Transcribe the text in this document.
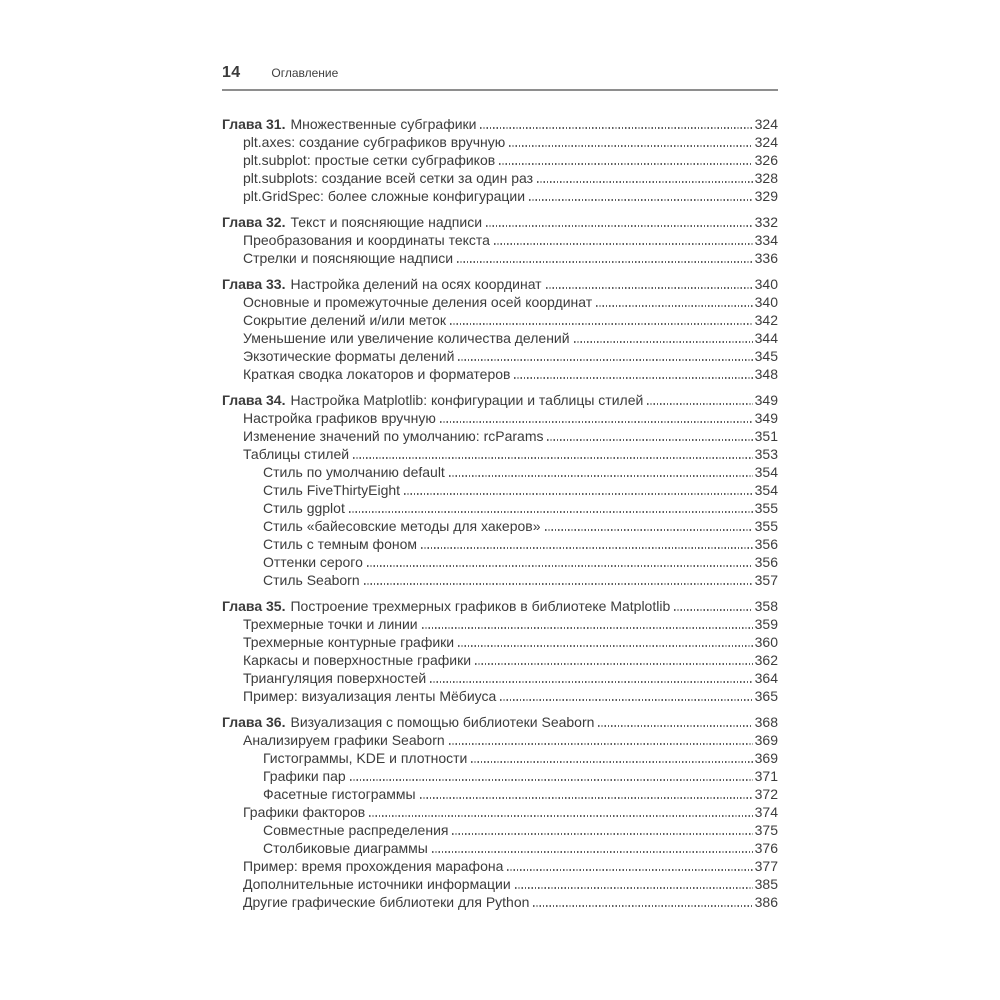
14	Оглавление
Глава 31. Множественные субграфики	324
plt.axes: создание субграфиков вручную	324
plt.subplot: простые сетки субграфиков	326
plt.subplots: создание всей сетки за один раз	328
plt.GridSpec: более сложные конфигурации	329
Глава 32. Текст и поясняющие надписи	332
Преобразования и координаты текста	334
Стрелки и поясняющие надписи	336
Глава 33. Настройка делений на осях координат	340
Основные и промежуточные деления осей координат	340
Сокрытие делений и/или меток	342
Уменьшение или увеличение количества делений	344
Экзотические форматы делений	345
Краткая сводка локаторов и форматеров	348
Глава 34. Настройка Matplotlib: конфигурации и таблицы стилей	349
Настройка графиков вручную	349
Изменение значений по умолчанию: rcParams	351
Таблицы стилей	353
Стиль по умолчанию default	354
Стиль FiveThirtyEight	354
Стиль ggplot	355
Стиль «байесовские методы для хакеров»	355
Стиль с темным фоном	356
Оттенки серого	356
Стиль Seaborn	357
Глава 35. Построение трехмерных графиков в библиотеке Matplotlib	358
Трехмерные точки и линии	359
Трехмерные контурные графики	360
Каркасы и поверхностные графики	362
Триангуляция поверхностей	364
Пример: визуализация ленты Мёбиуса	365
Глава 36. Визуализация с помощью библиотеки Seaborn	368
Анализируем графики Seaborn	369
Гистограммы, KDE и плотности	369
Графики пар	371
Фасетные гистограммы	372
Графики факторов	374
Совместные распределения	375
Столбиковые диаграммы	376
Пример: время прохождения марафона	377
Дополнительные источники информации	385
Другие графические библиотеки для Python	386
